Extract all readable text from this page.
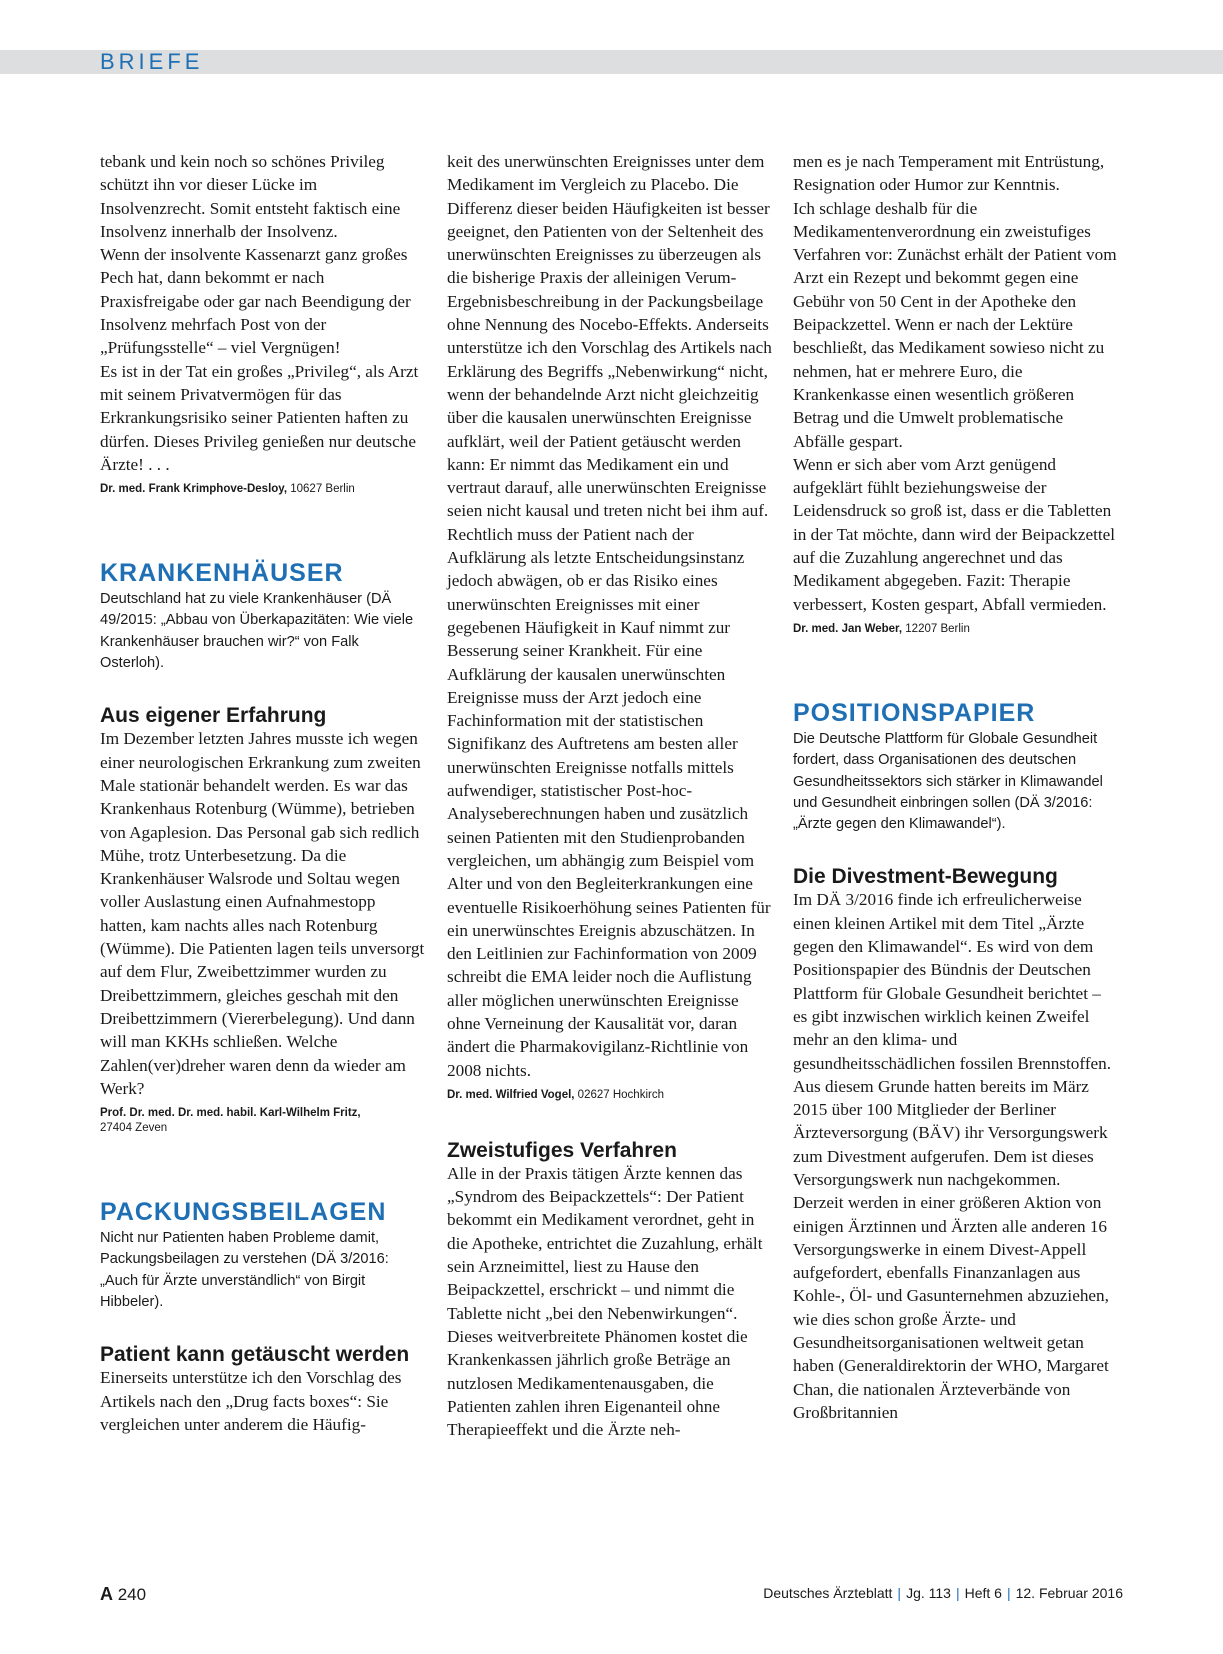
BRIEFE

tebank und kein noch so schönes Privileg schützt ihn vor dieser Lücke im Insolvenzrecht. Somit entsteht faktisch eine Insolvenz innerhalb der Insolvenz.

Wenn der insolvente Kassenarzt ganz großes Pech hat, dann bekommt er nach Praxisfreigabe oder gar nach Beendigung der Insolvenz mehrfach Post von der „Prüfungsstelle“ – viel Vergnügen!

Es ist in der Tat ein großes „Privileg“, als Arzt mit seinem Privatvermögen für das Erkrankungsrisiko seiner Patienten haften zu dürfen. Dieses Privileg genießen nur deutsche Ärzte! . . .

Dr. med. Frank Krimphove-Desloy, 10627 Berlin
KRANKENHÄUSER
Deutschland hat zu viele Krankenhäuser (DÄ 49/2015: „Abbau von Überkapazitäten: Wie viele Krankenhäuser brauchen wir?“ von Falk Osterloh).
Aus eigener Erfahrung

Im Dezember letzten Jahres musste ich wegen einer neurologischen Erkrankung zum zweiten Male stationär behandelt werden. Es war das Krankenhaus Rotenburg (Wümme), betrieben von Agaplesion. Das Personal gab sich redlich Mühe, trotz Unterbesetzung. Da die Krankenhäuser Walsrode und Soltau wegen voller Auslastung einen Aufnahmestopp hatten, kam nachts alles nach Rotenburg (Wümme). Die Patienten lagen teils unversorgt auf dem Flur, Zweibettzimmer wurden zu Dreibettzimmern, gleiches geschah mit den Dreibettzimmern (Viererbelegung). Und dann will man KKHs schließen. Welche Zahlen(ver)dreher waren denn da wieder am Werk?

Prof. Dr. med. Dr. med. habil. Karl-Wilhelm Fritz,
27404 Zeven
PACKUNGSBEILAGEN
Nicht nur Patienten haben Probleme damit, Packungsbeilagen zu verstehen (DÄ 3/2016: „Auch für Ärzte unverständlich“ von Birgit Hibbeler).
Patient kann getäuscht werden

Einerseits unterstütze ich den Vorschlag des Artikels nach den „Drug facts boxes“: Sie vergleichen unter anderem die Häufig-

keit des unerwünschten Ereignisses unter dem Medikament im Vergleich zu Placebo. Die Differenz dieser beiden Häufigkeiten ist besser geeignet, den Patienten von der Seltenheit des unerwünschten Ereignisses zu überzeugen als die bisherige Praxis der alleinigen Verum-Ergebnisbeschreibung in der Packungsbeilage ohne Nennung des Nocebo-Effekts. Anderseits unterstütze ich den Vorschlag des Artikels nach Erklärung des Begriffs „Nebenwirkung“ nicht, wenn der behandelnde Arzt nicht gleichzeitig über die kausalen unerwünschten Ereignisse aufklärt, weil der Patient getäuscht werden kann: Er nimmt das Medikament ein und vertraut darauf, alle unerwünschten Ereignisse seien nicht kausal und treten nicht bei ihm auf. Rechtlich muss der Patient nach der Aufklärung als letzte Entscheidungsinstanz jedoch abwägen, ob er das Risiko eines unerwünschten Ereignisses mit einer gegebenen Häufigkeit in Kauf nimmt zur Besserung seiner Krankheit. Für eine Aufklärung der kausalen unerwünschten Ereignisse muss der Arzt jedoch eine Fachinformation mit der statistischen Signifikanz des Auftretens am besten aller unerwünschten Ereignisse notfalls mittels aufwendiger, statistischer Post-hoc-Analyseberechnungen haben und zusätzlich seinen Patienten mit den Studienprobanden vergleichen, um abhängig zum Beispiel vom Alter und von den Begleiterkrankungen eine eventuelle Risikoerhöhung seines Patienten für ein unerwünschtes Ereignis abzuschätzen. In den Leitlinien zur Fachinformation von 2009 schreibt die EMA leider noch die Auflistung aller möglichen unerwünschten Ereignisse ohne Verneinung der Kausalität vor, daran ändert die Pharmakovigilanz-Richtlinie von 2008 nichts.

Dr. med. Wilfried Vogel, 02627 Hochkirch
Zweistufiges Verfahren

Alle in der Praxis tätigen Ärzte kennen das „Syndrom des Beipackzettels“: Der Patient bekommt ein Medikament verordnet, geht in die Apotheke, entrichtet die Zuzahlung, erhält sein Arzneimittel, liest zu Hause den Beipackzettel, erschrickt – und nimmt die Tablette nicht „bei den Nebenwirkungen“. Dieses weitverbreitete Phänomen kostet die Krankenkassen jährlich große Beträge an nutzlosen Medikamentenausgaben, die Patienten zahlen ihren Eigenanteil ohne Therapieeffekt und die Ärzte neh-

men es je nach Temperament mit Entrüstung, Resignation oder Humor zur Kenntnis.

Ich schlage deshalb für die Medikamentenverordnung ein zweistufiges Verfahren vor: Zunächst erhält der Patient vom Arzt ein Rezept und bekommt gegen eine Gebühr von 50 Cent in der Apotheke den Beipackzettel. Wenn er nach der Lektüre beschließt, das Medikament sowieso nicht zu nehmen, hat er mehrere Euro, die Krankenkasse einen wesentlich größeren Betrag und die Umwelt problematische Abfälle gespart.

Wenn er sich aber vom Arzt genügend aufgeklärt fühlt beziehungsweise der Leidensdruck so groß ist, dass er die Tabletten in der Tat möchte, dann wird der Beipackzettel auf die Zuzahlung angerechnet und das Medikament abgegeben. Fazit: Therapie verbessert, Kosten gespart, Abfall vermieden.

Dr. med. Jan Weber, 12207 Berlin
POSITIONSPAPIER
Die Deutsche Plattform für Globale Gesundheit fordert, dass Organisationen des deutschen Gesundheitssektors sich stärker in Klimawandel und Gesundheit einbringen sollen (DÄ 3/2016: „Ärzte gegen den Klimawandel“).
Die Divestment-Bewegung

Im DÄ 3/2016 finde ich erfreulicherweise einen kleinen Artikel mit dem Titel „Ärzte gegen den Klimawandel“. Es wird von dem Positionspapier des Bündnis der Deutschen Plattform für Globale Gesundheit berichtet – es gibt inzwischen wirklich keinen Zweifel mehr an den klima- und gesundheitsschädlichen fossilen Brennstoffen.

Aus diesem Grunde hatten bereits im März 2015 über 100 Mitglieder der Berliner Ärzteversorgung (BÄV) ihr Versorgungswerk zum Divestment aufgerufen. Dem ist dieses Versorgungswerk nun nachgekommen.

Derzeit werden in einer größeren Aktion von einigen Ärztinnen und Ärzten alle anderen 16 Versorgungswerke in einem Divest-Appell aufgefordert, ebenfalls Finanzanlagen aus Kohle-, Öl- und Gasunternehmen abzuziehen, wie dies schon große Ärzte- und Gesundheitsorganisationen weltweit getan haben (Generaldirektorin der WHO, Margaret Chan, die nationalen Ärzteverbände von Großbritannien

A 240	Deutsches Ärzteblatt | Jg. 113 | Heft 6 | 12. Februar 2016
